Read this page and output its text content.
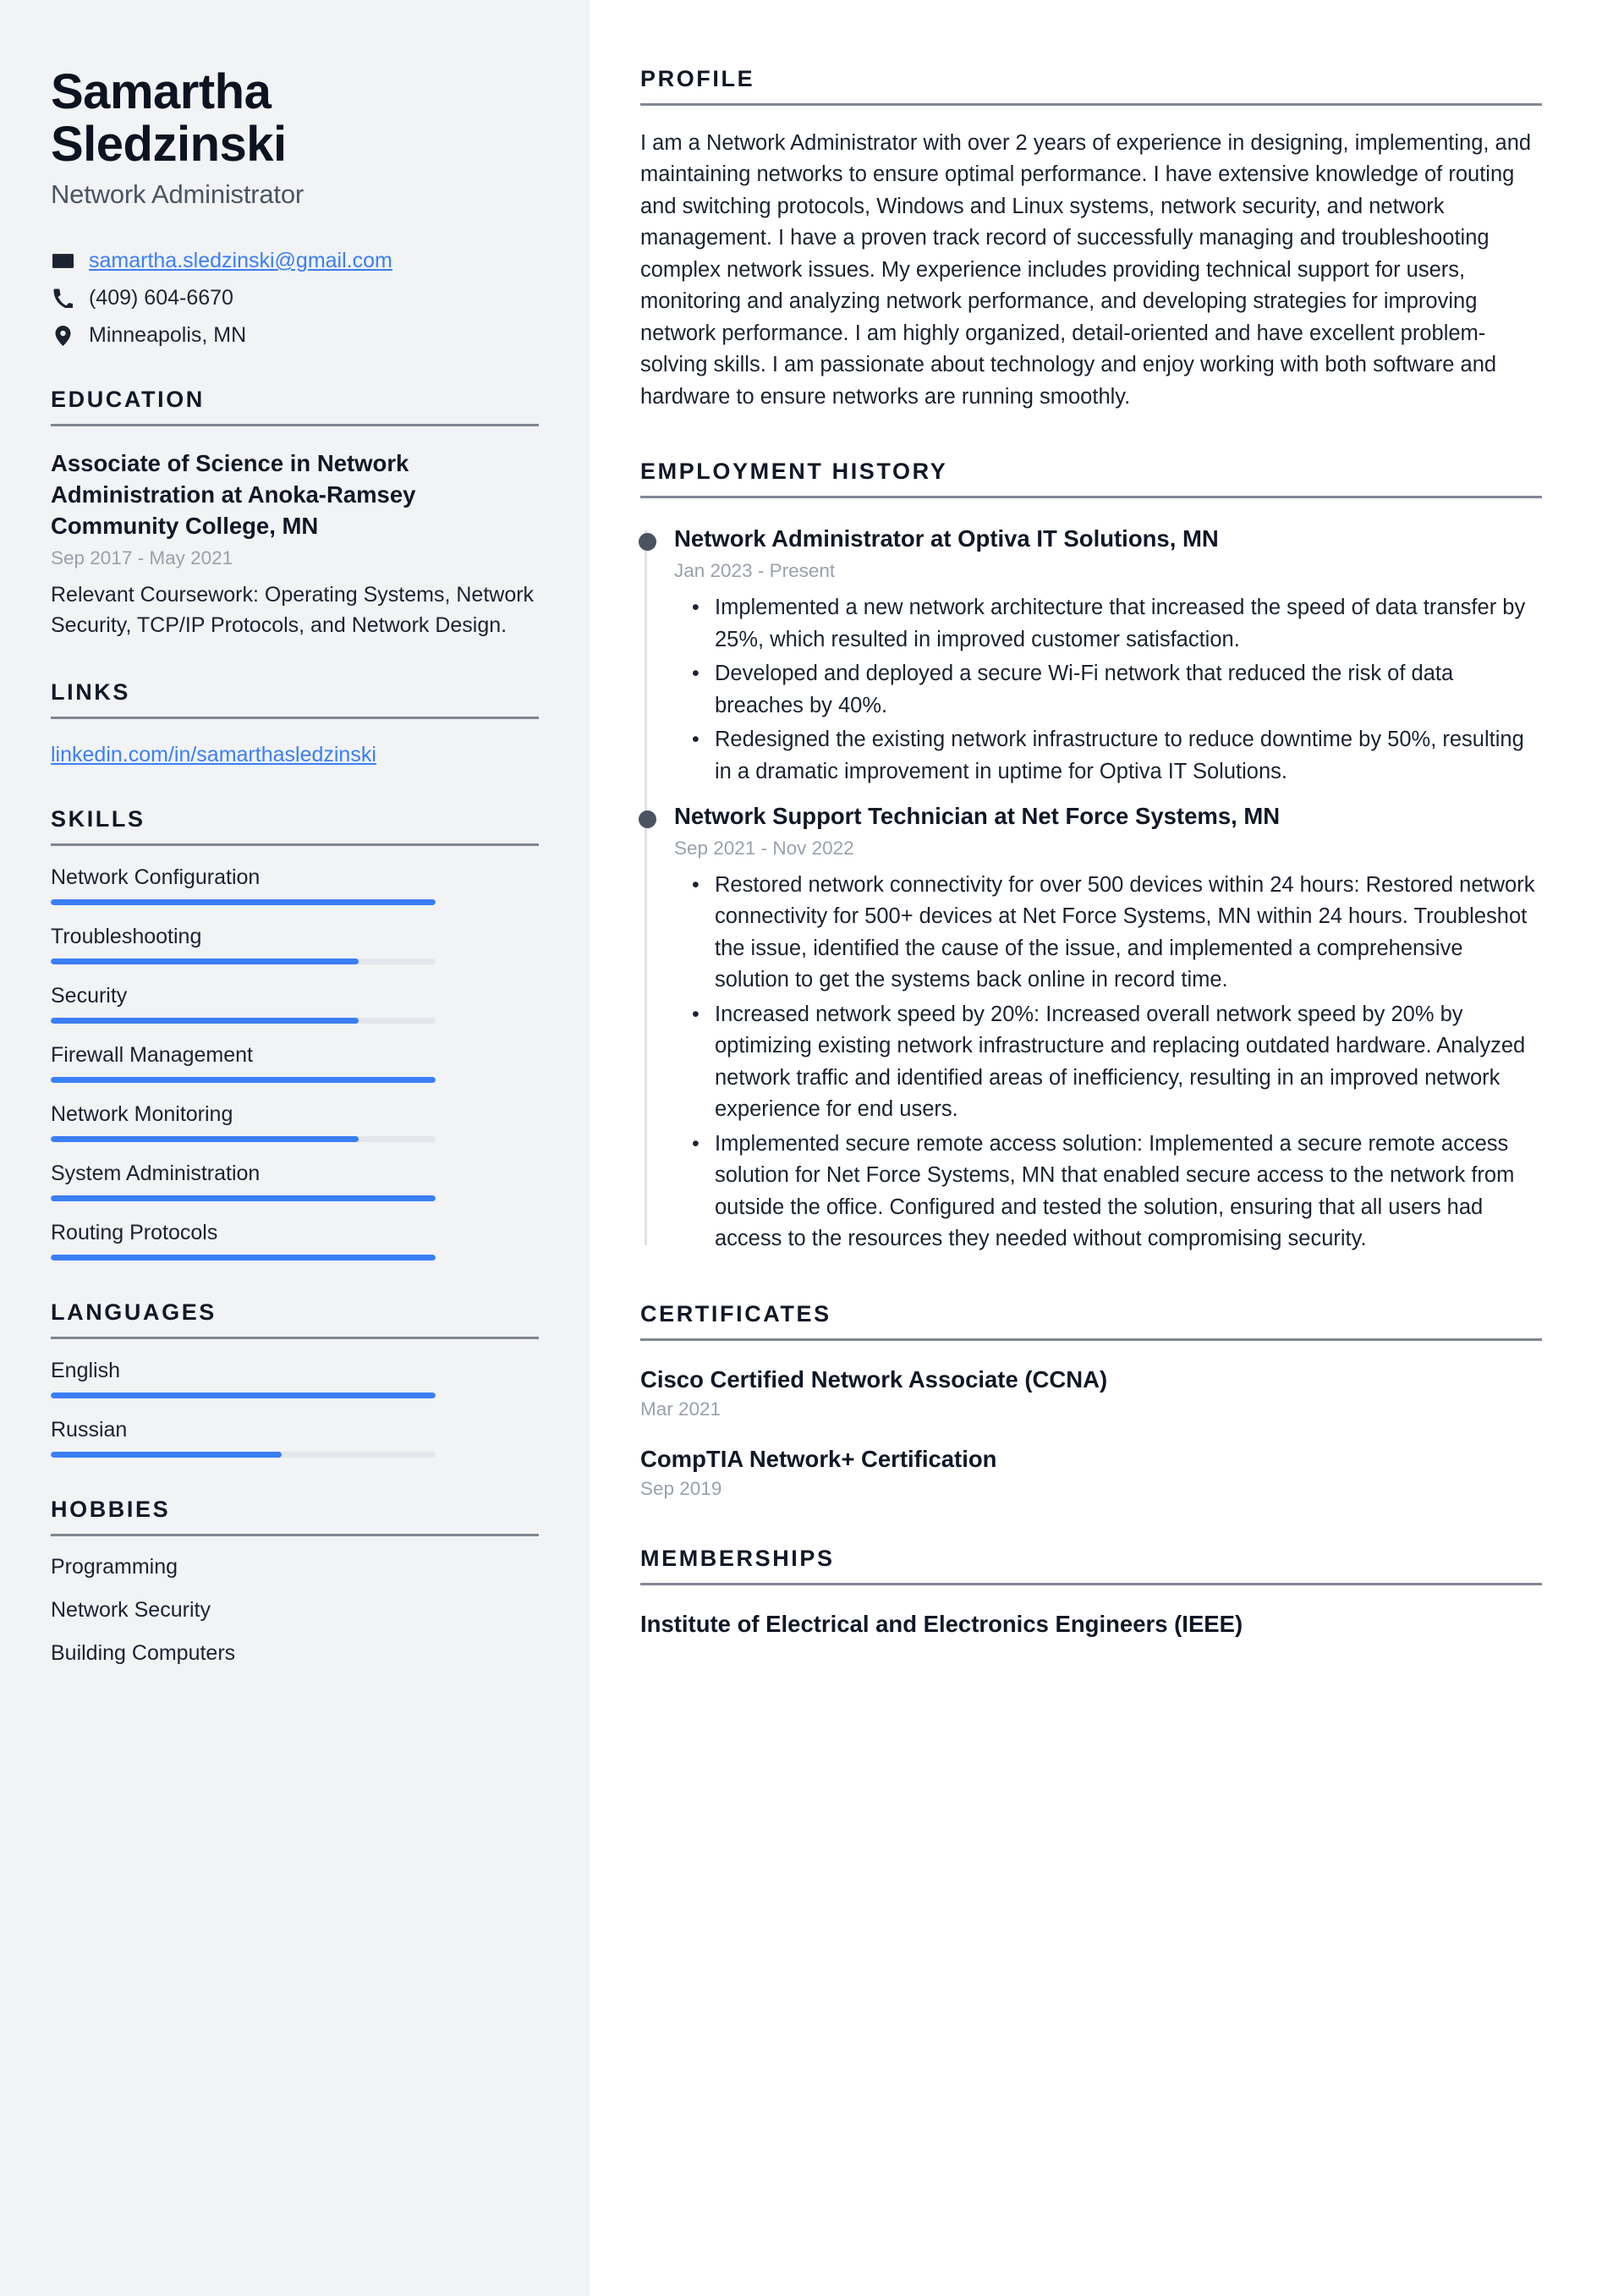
Samartha
Sledzinski
Network Administrator
samartha.sledzinski@gmail.com
(409) 604-6670
Minneapolis, MN
EDUCATION
Associate of Science in Network Administration at Anoka-Ramsey Community College, MN
Sep 2017 - May 2021
Relevant Coursework: Operating Systems, Network Security, TCP/IP Protocols, and Network Design.
LINKS
linkedin.com/in/samarthasledzinski
SKILLS
Network Configuration
Troubleshooting
Security
Firewall Management
Network Monitoring
System Administration
Routing Protocols
LANGUAGES
English
Russian
HOBBIES
Programming
Network Security
Building Computers
PROFILE

I am a Network Administrator with over 2 years of experience in designing, implementing, and maintaining networks to ensure optimal performance. I have extensive knowledge of routing and switching protocols, Windows and Linux systems, network security, and network management. I have a proven track record of successfully managing and troubleshooting complex network issues. My experience includes providing technical support for users, monitoring and analyzing network performance, and developing strategies for improving network performance. I am highly organized, detail-oriented and have excellent problem-solving skills. I am passionate about technology and enjoy working with both software and hardware to ensure networks are running smoothly.

EMPLOYMENT HISTORY
Network Administrator at Optiva IT Solutions, MN
Jan 2023 - Present
• Implemented a new network architecture that increased the speed of data transfer by 25%, which resulted in improved customer satisfaction.
• Developed and deployed a secure Wi-Fi network that reduced the risk of data breaches by 40%.
• Redesigned the existing network infrastructure to reduce downtime by 50%, resulting in a dramatic improvement in uptime for Optiva IT Solutions.
Network Support Technician at Net Force Systems, MN
Sep 2021 - Nov 2022
• Restored network connectivity for over 500 devices within 24 hours: Restored network connectivity for 500+ devices at Net Force Systems, MN within 24 hours. Troubleshot the issue, identified the cause of the issue, and implemented a comprehensive solution to get the systems back online in record time.
• Increased network speed by 20%: Increased overall network speed by 20% by optimizing existing network infrastructure and replacing outdated hardware. Analyzed network traffic and identified areas of inefficiency, resulting in an improved network experience for end users.
• Implemented secure remote access solution: Implemented a secure remote access solution for Net Force Systems, MN that enabled secure access to the network from outside the office. Configured and tested the solution, ensuring that all users had access to the resources they needed without compromising security.
CERTIFICATES
Cisco Certified Network Associate (CCNA)
Mar 2021
CompTIA Network+ Certification
Sep 2019
MEMBERSHIPS
Institute of Electrical and Electronics Engineers (IEEE)
